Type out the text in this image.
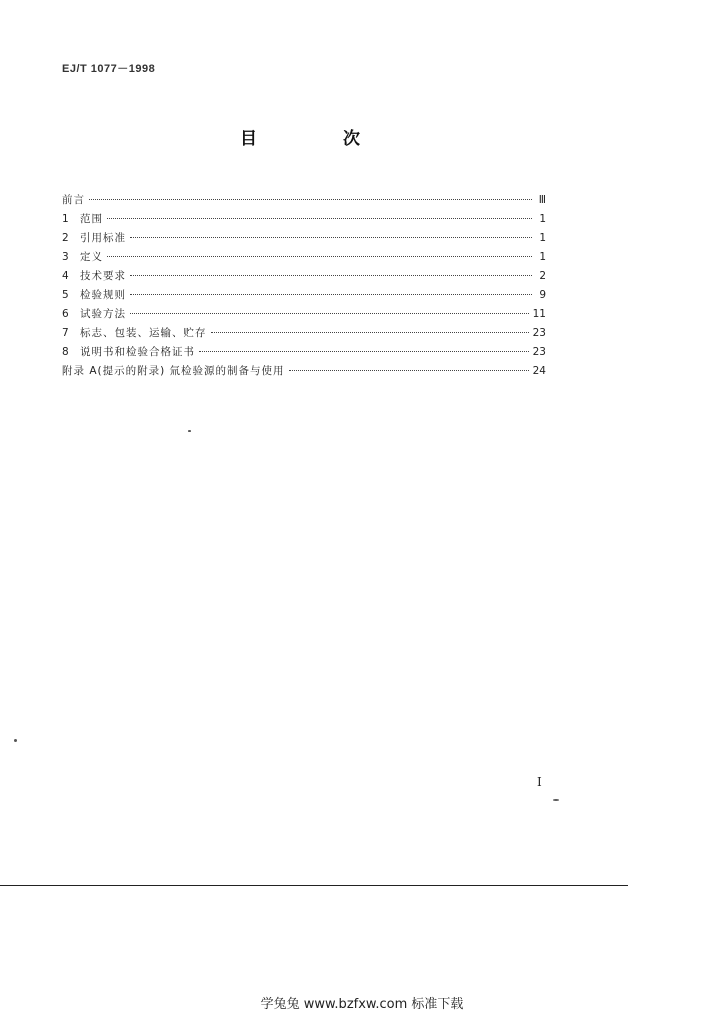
EJ/T 1077－1998
目 次
前言	Ⅲ
1	范围	1
2	引用标准	1
3	定义	1
4	技术要求	2
5	检验规则	9
6	试验方法	11
7	标志、包装、运输、贮存	23
8	说明书和检验合格证书	23
附录 A(提示的附录) 氚检验源的制备与使用	24
I
学兔兔 www.bzfxw.com 标准下载
